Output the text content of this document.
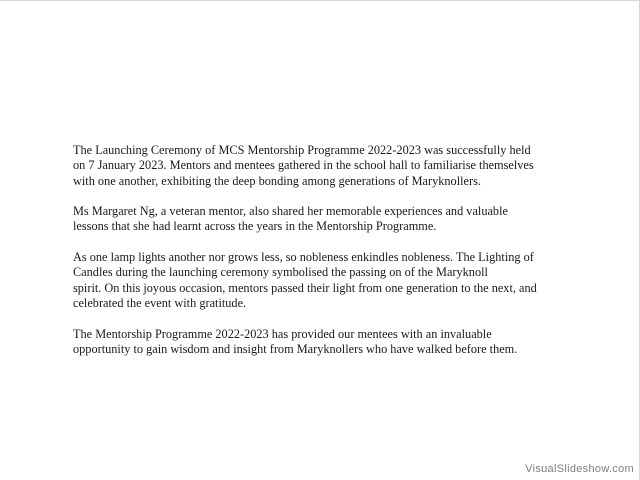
The Launching Ceremony of MCS Mentorship Programme 2022-2023 was successfully held
on 7 January 2023. Mentors and mentees gathered in the school hall to familiarise themselves
with one another, exhibiting the deep bonding among generations of Maryknollers.

Ms Margaret Ng, a veteran mentor, also shared her memorable experiences and valuable
lessons that she had learnt across the years in the Mentorship Programme.

As one lamp lights another nor grows less, so nobleness enkindles nobleness. The Lighting of
Candles during the launching ceremony symbolised the passing on of the Maryknoll
spirit. On this joyous occasion, mentors passed their light from one generation to the next, and
celebrated the event with gratitude.

The Mentorship Programme 2022-2023 has provided our mentees with an invaluable
opportunity to gain wisdom and insight from Maryknollers who have walked before them.

VisualSlideshow.com
